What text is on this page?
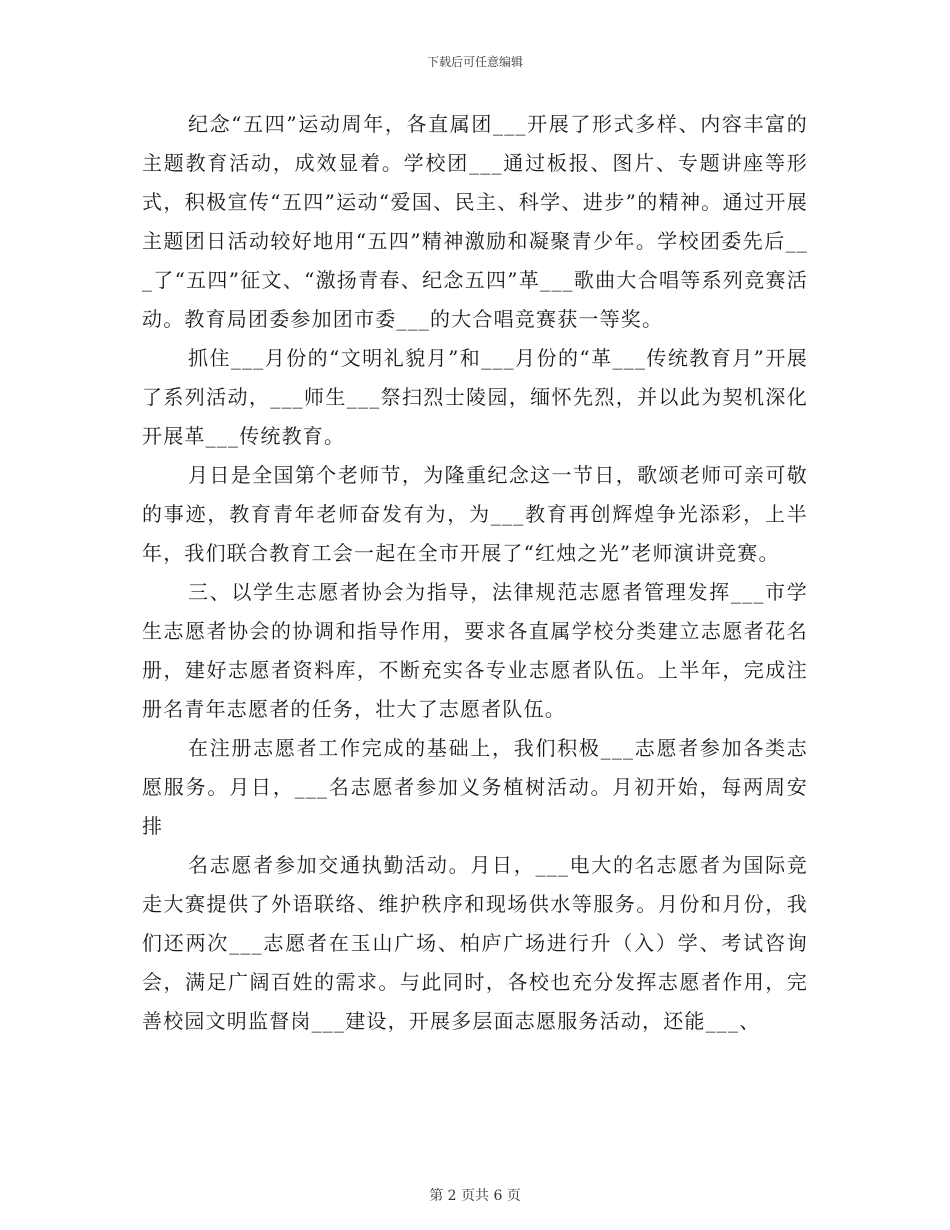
下载后可任意编辑

纪念“五四”运动周年，各直属团___开展了形式多样、内容丰富的主题教育活动，成效显着。学校团___通过板报、图片、专题讲座等形式，积极宣传“五四”运动“爱国、民主、科学、进步”的精神。通过开展主题团日活动较好地用“五四”精神激励和凝聚青少年。学校团委先后___了“五四”征文、“激扬青春、纪念五四”革___歌曲大合唱等系列竞赛活动。教育局团委参加团市委___的大合唱竞赛获一等奖。

抓住___月份的“文明礼貌月”和___月份的“革___传统教育月”开展了系列活动，___师生___祭扫烈士陵园，缅怀先烈，并以此为契机深化开展革___传统教育。

月日是全国第个老师节，为隆重纪念这一节日，歌颂老师可亲可敬的事迹，教育青年老师奋发有为，为___教育再创辉煌争光添彩，上半年，我们联合教育工会一起在全市开展了“红烛之光”老师演讲竞赛。

三、以学生志愿者协会为指导，法律规范志愿者管理发挥___市学生志愿者协会的协调和指导作用，要求各直属学校分类建立志愿者花名册，建好志愿者资料库，不断充实各专业志愿者队伍。上半年，完成注册名青年志愿者的任务，壮大了志愿者队伍。

在注册志愿者工作完成的基础上，我们积极___志愿者参加各类志愿服务。月日，___名志愿者参加义务植树活动。月初开始，每两周安排

名志愿者参加交通执勤活动。月日，___电大的名志愿者为国际竞走大赛提供了外语联络、维护秩序和现场供水等服务。月份和月份，我们还两次___志愿者在玉山广场、柏庐广场进行升（入）学、考试咨询会，满足广阔百姓的需求。与此同时，各校也充分发挥志愿者作用，完善校园文明监督岗___建设，开展多层面志愿服务活动，还能___、

第 2 页共 6 页
